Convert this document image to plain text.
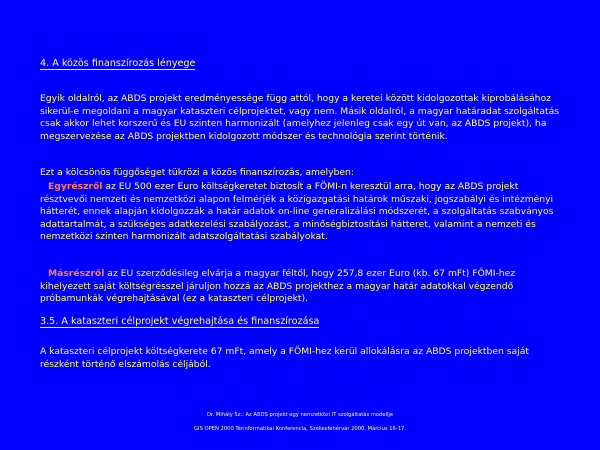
4. A közös finanszírozás lényege
Egyik oldalról, az ABDS projekt eredményessége függ attól, hogy a keretei között kidolgozottak kiprobálásához sikerül-e megoldani a magyar kataszteri célprojektet, vagy nem. Másik oldalról, a magyar határadat szolgáltatás csak akkor lehet korszerű és EU szinten harmonizált (amelyhez jelenleg csak egy út van, az ABDS projekt), ha megszervezése az ABDS projektben kidolgozott módszer és technológia szerint történik.
Ezt a kölcsönös függőséget tükrözi a közös finanszírozás, amelyben:
Egyrészről az EU 500 ezer Euro költségkeretet biztosít a FÖMI-n keresztül arra, hogy az ABDS projekt résztvevői nemzeti és nemzetközi alapon felmérjék a közigazgatási határok műszaki, jogszabályi és intézményi hátterét, ennek alapján kidolgozzák a határ adatok on-line generalizálási módszerét, a szolgáltatás szabványos adattartalmát, a szükséges adatkezelési szabályozást, a minőségbiztosítási hátteret, valamint a nemzeti és nemzetközi szinten harmonizált adatszolgáltatási szabályokat.
Másrészről az EU szerződésileg elvárja a magyar féltől, hogy 257,8 ezer Euro (kb. 67 mFt) FÖMI-hez kihelyezett saját költségrésszel járuljon hozzá az ABDS projekthez a magyar határ adatokkal végzendő próbamunkák végrehajtásával (ez a kataszteri célprojekt).
3.5. A kataszteri célprojekt végrehajtása és finanszírozása
A kataszteri célprojekt költségkerete 67 mFt, amely a FÖMI-hez kerül allokálásra az ABDS projektben saját részként történő elszámolás céljából.
Dr. Mihály Sz.: Az ABDS projekt egy nemzetközi IT szolgáltatás modellje
GIS OPEN 2000 Térinformatikai Konferencia, Székesfehérvár 2000. Március 16-17.
